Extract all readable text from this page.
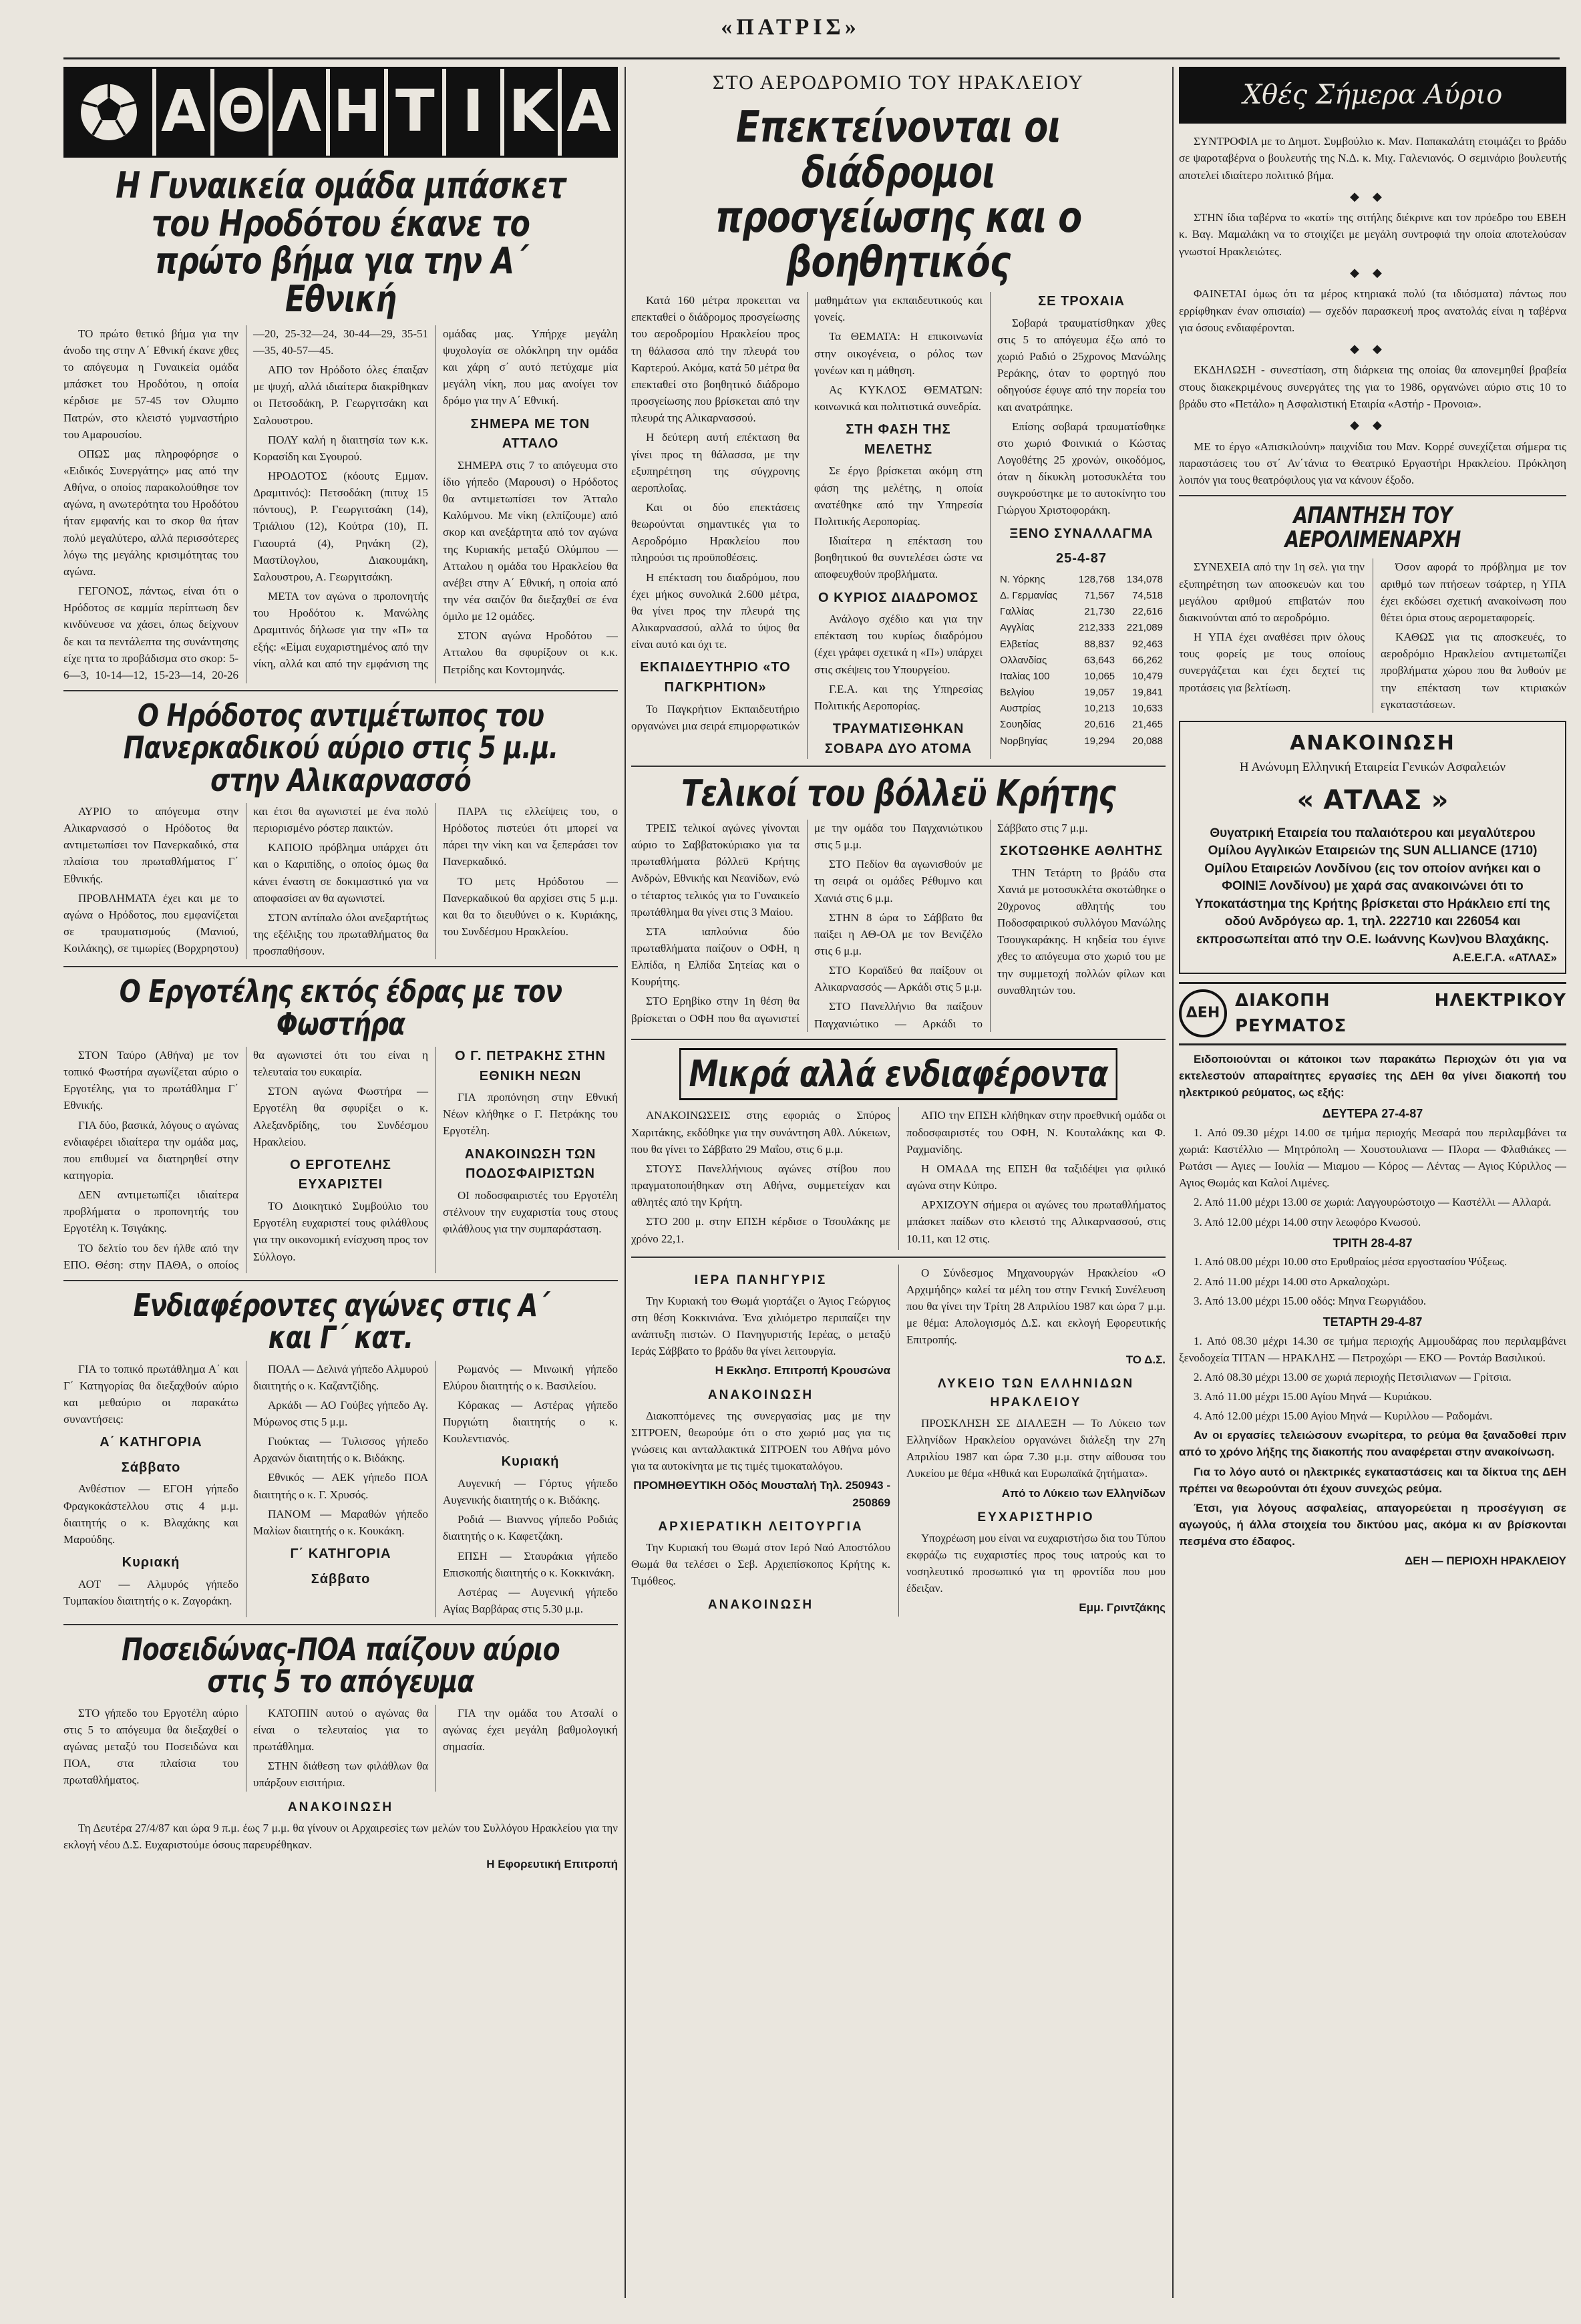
«ΠΑΤΡΙΣ»
Α Θ Λ Η Τ Ι Κ Α
Η Γυναικεία ομάδα μπάσκετ του Ηροδότου έκανε το πρώτο βήμα για την Α΄ Εθνική

ΤΟ πρώτο θετικό βήμα για την άνοδο της στην Α΄ Εθνική έκανε χθες το απόγευμα η Γυναικεία ομάδα μπάσκετ του Ηροδότου, η οποία κέρδισε με 57-45 τον Ολυμπο Πατρών, στο κλειστό γυμναστήριο του Αμαρουσίου.

ΟΠΩΣ μας πληροφόρησε ο «Ειδικός Συνεργάτης» μας από την Αθήνα, ο οποίος παρακολούθησε τον αγώνα, η ανωτερότητα του Ηροδότου ήταν εμφανής και το σκορ θα ήταν πολύ μεγαλύτερο, αλλά περισσότερες λόγω της μεγάλης κρισιμότητας του αγώνα.

ΓΕΓΟΝΟΣ, πάντως, είναι ότι ο Ηρόδοτος σε καμμία περίπτωση δεν κινδύνευσε να χάσει, όπως δείχνουν δε και τα πεντάλεπτα της συνάντησης είχε ηττα το προβάδισμα στο σκορ: 5-6—3, 10-14—12, 15-23—14, 20-26—20, 25-32—24, 30-44—29, 35-51—35, 40-57—45.

ΑΠΟ τον Ηρόδοτο όλες έπαιξαν με ψυχή, αλλά ιδιαίτερα διακρίθηκαν οι Πετσοδάκη, Ρ. Γεωργιτσάκη και Σαλουστρου.

ΠΟΛΥ καλή η διαιτησία των κ.κ. Κορασίδη και Σγουρού.

ΗΡΟΔΟΤΟΣ (κόουτς Εμμαν. Δραμιτινός): Πετσοδάκη (πιτυχ 15 πόντους), Ρ. Γεωργιτσάκη (14), Τριάλιου (12), Κούτρα (10), Π. Γιαουρτά (4), Ρηνάκη (2), Μαστίλογλου, Διακουμάκη, Σαλουστρου, Α. Γεωργιτσάκη.

ΜΕΤΑ τον αγώνα ο προπονητής του Ηροδότου κ. Μανώλης Δραμιτινός δήλωσε για την «Π» τα εξής: «Είμαι ευχαριστημένος από την νίκη, αλλά και από την εμφάνιση της ομάδας μας. Υπήρχε μεγάλη ψυχολογία σε ολόκληρη την ομάδα και χάρη σ΄ αυτό πετύχαμε μία μεγάλη νίκη, που μας ανοίγει τον δρόμο για την Α΄ Εθνική.

ΣΗΜΕΡΑ ΜΕ ΤΟΝ ΑΤΤΑΛΟ

ΣΗΜΕΡΑ στις 7 το απόγευμα στο ίδιο γήπεδο (Μαρουσι) ο Ηρόδοτος θα αντιμετωπίσει τον Άτταλο Καλύμνου. Με νίκη (ελπίζουμε) από σκορ και ανεξάρτητα από τον αγώνα της Κυριακής μεταξύ Ολύμπου — Ατταλου η ομάδα του Ηρακλείου θα ανέβει στην Α΄ Εθνική, η οποία από την νέα σαιζόν θα διεξαχθεί σε ένα όμιλο με 12 ομάδες.

ΣΤΟΝ αγώνα Ηροδότου — Ατταλου θα σφυρίξουν οι κ.κ. Πετρίδης και Κοντομηνάς.

Ο Ηρόδοτος αντιμέτωπος του Πανερκαδικού αύριο στις 5 μ.μ. στην Αλικαρνασσό

ΑΥΡΙΟ το απόγευμα στην Αλικαρνασσό ο Ηρόδοτος θα αντιμετωπίσει τον Πανερκαδικό, στα πλαίσια του πρωταθλήματος Γ΄ Εθνικής.

ΠΡΟΒΛΗΜΑΤΑ έχει και με το αγώνα ο Ηρόδοτος, που εμφανίζεται σε τραυματισμούς (Μανιού, Κοιλάκης), σε τιμωρίες (Βορχρηστου) και έτσι θα αγωνιστεί με ένα πολύ περιορισμένο ρόστερ παικτών.

ΚΑΠΟΙΟ πρόβλημα υπάρχει ότι και ο Καριπίδης, ο οποίος όμως θα κάνει έναστη σε δοκιμαστικό για να αποφασίσει αν θα αγωνιστεί.

ΣΤΟΝ αντίπαλο όλοι ανεξαρτήτως της εξέλιξης του πρωταθλήματος θα προσπαθήσουν.

ΠΑΡΑ τις ελλείψεις του, ο Ηρόδοτος πιστεύει ότι μπορεί να πάρει την νίκη και να ξεπεράσει τον Πανερκαδικό.

ΤΟ μετς Ηρόδοτου — Πανερκαδικού θα αρχίσει στις 5 μ.μ. και θα το διευθύνει ο κ. Κυριάκης, του Συνδέσμου Ηρακλείου.

Ο Εργοτέλης εκτός έδρας με τον Φωστήρα

ΣΤΟΝ Ταύρο (Αθήνα) με τον τοπικό Φωστήρα αγωνίζεται αύριο ο Εργοτέλης, για το πρωτάθλημα Γ΄ Εθνικής.

ΓΙΑ δύο, βασικά, λόγους ο αγώνας ενδιαφέρει ιδιαίτερα την ομάδα μας, που επιθυμεί να διατηρηθεί στην κατηγορία.

ΔΕΝ αντιμετωπίζει ιδιαίτερα προβλήματα ο προπονητής του Εργοτέλη κ. Τσιγάκης.

ΤΟ δελτίο του δεν ήλθε από την ΕΠΟ. Θέση: στην ΠΑΘΑ, ο οποίος θα αγωνιστεί ότι του είναι η τελευταία του ευκαιρία.

ΣΤΟΝ αγώνα Φωστήρα — Εργοτέλη θα σφυρίξει ο κ. Αλεξανδρίδης, του Συνδέσμου Ηρακλείου.

Ο ΕΡΓΟΤΕΛΗΣ ΕΥΧΑΡΙΣΤΕΙ

ΤΟ Διοικητικό Συμβούλιο του Εργοτέλη ευχαριστεί τους φιλάθλους για την οικονομική ενίσχυση προς τον Σύλλογο.

Ο Γ. ΠΕΤΡΑΚΗΣ ΣΤΗΝ ΕΘΝΙΚΗ ΝΕΩΝ

ΓΙΑ προπόνηση στην Εθνική Νέων κλήθηκε ο Γ. Πετράκης του Εργοτέλη.

ΑΝΑΚΟΙΝΩΣΗ ΤΩΝ ΠΟΔΟΣΦΑΙΡΙΣΤΩΝ

ΟΙ ποδοσφαιριστές του Εργοτέλη στέλνουν την ευχαριστία τους στους φιλάθλους για την συμπαράσταση.

Ενδιαφέροντες αγώνες στις Α΄ και Γ΄ κατ.

ΓΙΑ το τοπικό πρωτάθλημα Α΄ και Γ΄ Κατηγορίας θα διεξαχθούν αύριο και μεθαύριο οι παρακάτω συναντήσεις:

Α΄ ΚΑΤΗΓΟΡΙΑ
Σάββατο

Ανθέστιον — ΕΓΟΗ γήπεδο Φραγκοκάστελλου στις 4 μ.μ. διαιτητής ο κ. Βλαχάκης και Μαρούδης.

Κυριακή

ΑΟΤ — Αλμυρός γήπεδο Τυμπακίου διαιτητής ο κ. Ζαγοράκη.

ΠΟΑΛ — Δελινά γήπεδο Αλμυρού διαιτητής ο κ. Καζαντζίδης.

Αρκάδι — ΑΟ Γούβες γήπεδο Αγ. Μύρωνος στις 5 μ.μ.

Γιούκτας — Τυλισσος γήπεδο Αρχανών διαιτητής ο κ. Βιδάκης.

Εθνικός — ΑΕΚ γήπεδο ΠΟΑ διαιτητής ο κ. Γ. Χρυσός.

ΠΑΝΟΜ — Μαραθών γήπεδο Μαλίων διαιτητής ο κ. Κουκάκη.

Γ΄ ΚΑΤΗΓΟΡΙΑ
Σάββατο

Ρωμανός — Μινωική γήπεδο Ελύρου διαιτητής ο κ. Βασιλείου.

Κόρακας — Αστέρας γήπεδο Πυργιώτη διαιτητής ο κ. Κουλεντιανός.

Κυριακή

Αυγενική — Γόρτυς γήπεδο Αυγενικής διαιτητής ο κ. Βιδάκης.

Ροδιά — Βιαννος γήπεδο Ροδιάς διαιτητής ο κ. Καφετζάκη.

ΕΠΣΗ — Σταυράκια γήπεδο Επισκοπής διαιτητής ο κ. Κοκκινάκη.

Αστέρας — Αυγενική γήπεδο Αγίας Βαρβάρας στις 5.30 μ.μ.

Ποσειδώνας-ΠΟΑ παίζουν αύριο στις 5 το απόγευμα

ΣΤΟ γήπεδο του Εργοτέλη αύριο στις 5 το απόγευμα θα διεξαχθεί ο αγώνας μεταξύ του Ποσειδώνα και ΠΟΑ, στα πλαίσια του πρωταθλήματος.

ΚΑΤΟΠΙΝ αυτού ο αγώνας θα είναι ο τελευταίος για το πρωτάθλημα.

ΣΤΗΝ διάθεση των φιλάθλων θα υπάρξουν εισιτήρια.

ΓΙΑ την ομάδα του Ατσαλί ο αγώνας έχει μεγάλη βαθμολογική σημασία.

ΑΝΑΚΟΙΝΩΣΗ

Τη Δευτέρα 27/4/87 και ώρα 9 π.μ. έως 7 μ.μ. θα γίνουν οι Αρχαιρεσίες των μελών του Συλλόγου Ηρακλείου για την εκλογή νέου Δ.Σ. Ευχαριστούμε όσους παρευρέθηκαν.

Η Εφορευτική Επιτροπή
ΣΤΟ ΑΕΡΟΔΡΟΜΙΟ ΤΟΥ ΗΡΑΚΛΕΙΟΥ
Επεκτείνονται οι διάδρομοι προσγείωσης και ο βοηθητικός

Κατά 160 μέτρα προκειται να επεκταθεί ο διάδρομος προσγείωσης του αεροδρομίου Ηρακλείου προς τη θάλασσα από την πλευρά του Καρτερού. Ακόμα, κατά 50 μέτρα θα επεκταθεί στο βοηθητικό διάδρομο προσγείωσης που βρίσκεται από την πλευρά της Αλικαρνασσού.

Η δεύτερη αυτή επέκταση θα γίνει προς τη θάλασσα, με την εξυπηρέτηση της σύγχρονης αεροπλοΐας.

Και οι δύο επεκτάσεις θεωρούνται σημαντικές για το Αεροδρόμιο Ηρακλείου που πληρούσι τις προϋποθέσεις.

Η επέκταση του διαδρόμου, που έχει μήκος συνολικά 2.600 μέτρα, θα γίνει προς την πλευρά της Αλικαρνασσού, αλλά το ύψος θα είναι αυτό και όχι τε.

ΕΚΠΑΙΔΕΥΤΗΡΙΟ «ΤΟ ΠΑΓΚΡΗΤΙΟΝ»

Το Παγκρήτιον Εκπαιδευτήριο οργανώνει μια σειρά επιμορφωτικών μαθημάτων για εκπαιδευτικούς και γονείς.

Τα ΘΕΜΑΤΑ: Η επικοινωνία στην οικογένεια, ο ρόλος των γονέων και η μάθηση.

Ας ΚΥΚΛΟΣ ΘΕΜΑΤΩΝ: κοινωνικά και πολιτιστικά συνεδρία.

ΣΤΗ ΦΑΣΗ ΤΗΣ ΜΕΛΕΤΗΣ

Σε έργο βρίσκεται ακόμη στη φάση της μελέτης, η οποία ανατέθηκε από την Υπηρεσία Πολιτικής Αεροπορίας.

Ιδιαίτερα η επέκταση του βοηθητικού θα συντελέσει ώστε να αποφευχθούν προβλήματα.

Ο ΚΥΡΙΟΣ ΔΙΑΔΡΟΜΟΣ

Ανάλογο σχέδιο και για την επέκταση του κυρίως διαδρόμου (έχει γράφει σχετικά η «Π») υπάρχει στις σκέψεις του Υπουργείου.

Γ.Ε.Α. και της Υπηρεσίας Πολιτικής Αεροπορίας.

ΤΡΑΥΜΑΤΙΣΘΗΚΑΝ ΣΟΒΑΡΑ ΔΥΟ ΑΤΟΜΑ ΣΕ ΤΡΟΧΑΙΑ

Σοβαρά τραυματίσθηκαν χθες στις 5 το απόγευμα έξω από το χωριό Ραδιό ο 25χρονος Μανώλης Ρεράκης, όταν το φορτηγό που οδηγούσε έφυγε από την πορεία του και ανατράπηκε.

Επίσης σοβαρά τραυματίσθηκε στο χωριό Φοινικιά ο Κώστας Λογοθέτης 25 χρονών, οικοδόμος, όταν η δίκυκλη μοτοσυκλέτα του συγκρούστηκε με το αυτοκίνητο του Γιώργου Χριστοφοράκη.

ΞΕΝΟ ΣΥΝΑΛΛΑΓΜΑ
25-4-87
Ν. Υόρκης	128,768	134,078
Δ. Γερμανίας	71,567	74,518
Γαλλίας	21,730	22,616
Αγγλίας	212,333	221,089
Ελβετίας	88,837	92,463
Ολλανδίας	63,643	66,262
Ιταλίας 100	10,065	10,479
Βελγίου	19,057	19,841
Αυστρίας	10,213	10,633
Σουηδίας	20,616	21,465
Νορβηγίας	19,294	20,088
Τελικοί του βόλλεϋ Κρήτης

ΤΡΕΙΣ τελικοί αγώνες γίνονται αύριο το Σαββατοκύριακο για τα πρωταθλήματα βόλλεϋ Κρήτης Ανδρών, Εθνικής και Νεανίδων, ενώ ο τέταρτος τελικός για το Γυναικείο πρωτάθλημα θα γίνει στις 3 Μαίου.

ΣΤΑ ιαπλούνια δύο πρωταθλήματα παίζουν ο ΟΦΗ, η Ελπίδα, η Ελπίδα Σητείας και ο Κουρήτης.

ΣΤΟ Ερηβίκο στην 1η θέση θα βρίσκεται ο ΟΦΗ που θα αγωνιστεί με την ομάδα του Παγχανιώτικου στις 5 μ.μ.

ΣΤΟ Πεδίον θα αγωνισθούν με τη σειρά οι ομάδες Ρέθυμνο και Χανιά στις 6 μ.μ.

ΣΤΗΝ 8 ώρα το Σάββατο θα παίξει η ΑΘ-ΟΑ με τον Βενιζέλο στις 6 μ.μ.

ΣΤΟ Κοραϊδεύ θα παίξουν οι Αλικαρνασσός — Αρκάδι στις 5 μ.μ.

ΣΤΟ Πανελλήνιο θα παίξουν Παγχανιώτικο — Αρκάδι το Σάββατο στις 7 μ.μ.

ΣΚΟΤΩΘΗΚΕ ΑΘΛΗΤΗΣ

ΤΗΝ Τετάρτη το βράδυ στα Χανιά με μοτοσυκλέτα σκοτώθηκε ο 20χρονος αθλητής του Ποδοσφαιρικού συλλόγου Μανώλης Τσουγκαράκης. Η κηδεία του έγινε χθες το απόγευμα στο χωριό του με την συμμετοχή πολλών φίλων και συναθλητών του.

Μικρά αλλά ενδιαφέροντα

ΑΝΑΚΟΙΝΩΣΕΙΣ στης εφοριάς ο Σπύρος Χαριτάκης, εκδόθηκε για την συνάντηση Αθλ. Λύκειων, που θα γίνει το Σάββατο 29 Μαΐου, στις 6 μ.μ.

ΣΤΟΥΣ Πανελλήνιους αγώνες στίβου που πραγματοποιήθηκαν στη Αθήνα, συμμετείχαν και αθλητές από την Κρήτη.

ΣΤΟ 200 μ. στην ΕΠΣΗ κέρδισε ο Τσουλάκης με χρόνο 22,1.

ΑΠΟ την ΕΠΣΗ κλήθηκαν στην προεθνική ομάδα οι ποδοσφαιριστές του ΟΦΗ, Ν. Κουταλάκης και Φ. Ραχμανίδης.

Η ΟΜΑΔΑ της ΕΠΣΗ θα ταξιδέψει για φιλικό αγώνα στην Κύπρο.

ΑΡΧΙΖΟΥΝ σήμερα οι αγώνες του πρωταθλήματος μπάσκετ παίδων στο κλειστό της Αλικαρνασσού, στις 10.11, και 12 στις.

ΙΕΡΑ ΠΑΝΗΓΥΡΙΣ

Την Κυριακή του Θωμά γιορτάζει ο Άγιος Γεώργιος στη θέση Κοκκινιάνα. Ένα χιλιόμετρο περιπαίζει την ανάπτυξη πιστών. Ο Πανηγυριστής Ιερέας, ο μεταξύ Ιεράς Σάββατο το βράδυ θα γίνει λειτουργία.

Η Εκκλησ. Επιτροπή Κρουσώνα
ΑΝΑΚΟΙΝΩΣΗ

Διακοπτόμενες της συνεργασίας μας με την ΣΙΤΡΟΕΝ, θεωρούμε ότι ο στο χωριό μας για τις γνώσεις και ανταλλακτικά ΣΙΤΡΟΕΝ του Αθήνα μόνο για τα αυτοκίνητα με τις τιμές τιμοκαταλόγου.

ΠΡΟΜΗΘΕΥΤΙΚΗ Οδός Μουσταλή Τηλ. 250943 - 250869
ΑΡΧΙΕΡΑΤΙΚΗ ΛΕΙΤΟΥΡΓΙΑ

Την Κυριακή του Θωμά στον Ιερό Ναό Αποστόλου Θωμά θα τελέσει ο Σεβ. Αρχιεπίσκοπος Κρήτης κ. Τιμόθεος.

ΑΝΑΚΟΙΝΩΣΗ

Ο Σύνδεσμος Μηχανουργών Ηρακλείου «Ο Αρχιμήδης» καλεί τα μέλη του στην Γενική Συνέλευση που θα γίνει την Τρίτη 28 Απριλίου 1987 και ώρα 7 μ.μ. με θέμα: Απολογισμός Δ.Σ. και εκλογή Εφορευτικής Επιτροπής.

ΤΟ Δ.Σ.
ΛΥΚΕΙΟ ΤΩΝ ΕΛΛΗΝΙΔΩΝ ΗΡΑΚΛΕΙΟΥ

ΠΡΟΣΚΛΗΣΗ ΣΕ ΔΙΑΛΕΞΗ — Το Λύκειο των Ελληνίδων Ηρακλείου οργανώνει διάλεξη την 27η Απριλίου 1987 και ώρα 7.30 μ.μ. στην αίθουσα του Λυκείου με θέμα «Ηθικά και Ευρωπαϊκά ζητήματα».

Από το Λύκειο των Ελληνίδων
ΕΥΧΑΡΙΣΤΗΡΙΟ

Υποχρέωση μου είναι να ευχαριστήσω δια του Τύπου εκφράζω τις ευχαριστίες προς τους ιατρούς και το νοσηλευτικό προσωπικό για τη φροντίδα που μου έδειξαν.

Εμμ. Γριντζάκης
Χθές Σήμερα Αύριο

ΣΥΝΤΡΟΦΙΑ με το Δημοτ. Συμβούλιο κ. Μαν. Παπακαλάτη ετοιμάζει το βράδυ σε ψαροταβέρνα ο βουλευτής της Ν.Δ. κ. Μιχ. Γαλενιανός. Ο σεμινάριο βουλευτής αποτελεί ιδιαίτερο πολιτικό βήμα.

◆◆

ΣΤΗΝ ίδια ταβέρνα το «κατί» της σιτήλης διέκρινε και τον πρόεδρο του ΕΒΕΗ κ. Βαγ. Μαμαλάκη να το στοιχίζει με μεγάλη συντροφιά την οποία αποτελούσαν γνωστοί Ηρακλειώτες.

◆◆

ΦΑΙΝΕΤΑΙ όμως ότι τα μέρος κτηριακά πολύ (τα ιδιόσματα) πάντως που ερρίφθηκαν έναν οπισιαία) — σχεδόν παρασκευή προς ανατολάς είναι η ταβέρνα για όσους ενδιαφέρονται.

◆◆

ΕΚΔΗΛΩΣΗ - συνεστίαση, στη διάρκεια της οποίας θα απονεμηθεί βραβεία στους διακεκριμένους συνεργάτες της για το 1986, οργανώνει αύριο στις 10 το βράδυ στο «Πετάλο» η Ασφαλιστική Εταιρία «Αστήρ - Προνοια».

◆◆

ΜΕ το έργο «Απισκιλούνη» παιχνίδια του Μαν. Κορρέ συνεχίζεται σήμερα τις παραστάσεις του στ΄ Αν΄τάνια το Θεατρικό Εργαστήρι Ηρακλείου. Πρόκληση λοιπόν για τους θεατρόφιλους για να κάνουν έξοδο.

ΑΠΑΝΤΗΣΗ ΤΟΥ ΑΕΡΟΛΙΜΕΝΑΡΧΗ

ΣΥΝΕΧΕΙΑ από την 1η σελ. για την εξυπηρέτηση των αποσκευών και του μεγάλου αριθμού επιβατών που διακινούνται από το αεροδρόμιο.

Η ΥΠΑ έχει αναθέσει πριν όλους τους φορείς με τους οποίους συνεργάζεται και έχει δεχτεί τις προτάσεις για βελτίωση.

Όσον αφορά το πρόβλημα με τον αριθμό των πτήσεων τσάρτερ, η ΥΠΑ έχει εκδώσει σχετική ανακοίνωση που θέτει όρια στους αερομεταφορείς.

ΚΑΘΩΣ για τις αποσκευές, το αεροδρόμιο Ηρακλείου αντιμετωπίζει προβλήματα χώρου που θα λυθούν με την επέκταση των κτιριακών εγκαταστάσεων.

ΑΝΑΚΟΙΝΩΣΗ
Η Ανώνυμη Ελληνική Εταιρεία Γενικών Ασφαλειών
« ΑΤΛΑΣ »
Θυγατρική Εταιρεία του παλαιότερου και μεγαλύτερου Ομίλου Αγγλικών Εταιρειών της SUN ALLIANCE (1710) Ομίλου Εταιρειών Λονδίνου (εις τον οποίον ανήκει και ο ΦΟΙΝΙΞ Λονδίνου) με χαρά σας ανακοινώνει ότι το Υποκατάστημα της Κρήτης βρίσκεται στο Ηράκλειο επί της οδού Ανδρόγεω αρ. 1, τηλ. 222710 και 226054 και εκπροσωπείται από την Ο.Ε. Ιωάννης Κων)νου Βλαχάκης.
Α.Ε.Ε.Γ.Α. «ΑΤΛΑΣ»
ΔΕΗ
ΔΙΑΚΟΠΗ ΗΛΕΚΤΡΙΚΟΥ ΡΕΥΜΑΤΟΣ

Ειδοποιούνται οι κάτοικοι των παρακάτω Περιοχών ότι για να εκτελεστούν απαραίτητες εργασίες της ΔΕΗ θα γίνει διακοπή του ηλεκτρικού ρεύματος, ως εξής:

ΔΕΥΤΕΡΑ 27-4-87

1. Από 09.30 μέχρι 14.00 σε τμήμα περιοχής Μεσαρά που περιλαμβάνει τα χωριά: Καστέλλιο — Μητρόπολη — Χουστουλιανα — Πλορα — Φλαθιάκες — Ρωτάσι — Αγιες — Ιουλία — Μιαμου — Κόρος — Λέντας — Αγιος Κύριλλος — Αγιος Θωμάς και Καλοί Λιμένες.

2. Από 11.00 μέχρι 13.00 σε χωριά: Λαγγουρώστοιχο — Καστέλλι — Αλλαρά.

3. Από 12.00 μέχρι 14.00 στην λεωφόρο Κνωσού.

ΤΡΙΤΗ 28-4-87

1. Από 08.00 μέχρι 10.00 στο Ερυθραίος μέσα εργοστασίου Ψύξεως.

2. Από 11.00 μέχρι 14.00 στο Αρκαλοχώρι.

3. Από 13.00 μέχρι 15.00 οδός: Μηνα Γεωργιάδου.

ΤΕΤΑΡΤΗ 29-4-87

1. Από 08.30 μέχρι 14.30 σε τμήμα περιοχής Αμμουδάρας που περιλαμβάνει ξενοδοχεία ΤΙΤΑΝ — ΗΡΑΚΛΗΣ — Πετροχώρι — ΕΚΟ — Ροντάρ Βασιλικού.

2. Από 08.30 μέχρι 13.00 σε χωριά περιοχής Πετσιλιανων — Γρίτσια.

3. Από 11.00 μέχρι 15.00 Αγίου Μηνά — Κυριάκου.

4. Από 12.00 μέχρι 15.00 Αγίου Μηνά — Κυριλλου — Ραδομάνι.

Αν οι εργασίες τελειώσουν ενωρίτερα, το ρεύμα θα ξαναδοθεί πριν από το χρόνο λήξης της διακοπής που αναφέρεται στην ανακοίνωση.

Για το λόγο αυτό οι ηλεκτρικές εγκαταστάσεις και τα δίκτυα της ΔΕΗ πρέπει να θεωρούνται ότι έχουν συνεχώς ρεύμα.

Έτσι, για λόγους ασφαλείας, απαγορεύεται η προσέγγιση σε αγωγούς, ή άλλα στοιχεία του δικτύου μας, ακόμα κι αν βρίσκονται πεσμένα στο έδαφος.

ΔΕΗ — ΠΕΡΙΟΧΗ ΗΡΑΚΛΕΙΟΥ
